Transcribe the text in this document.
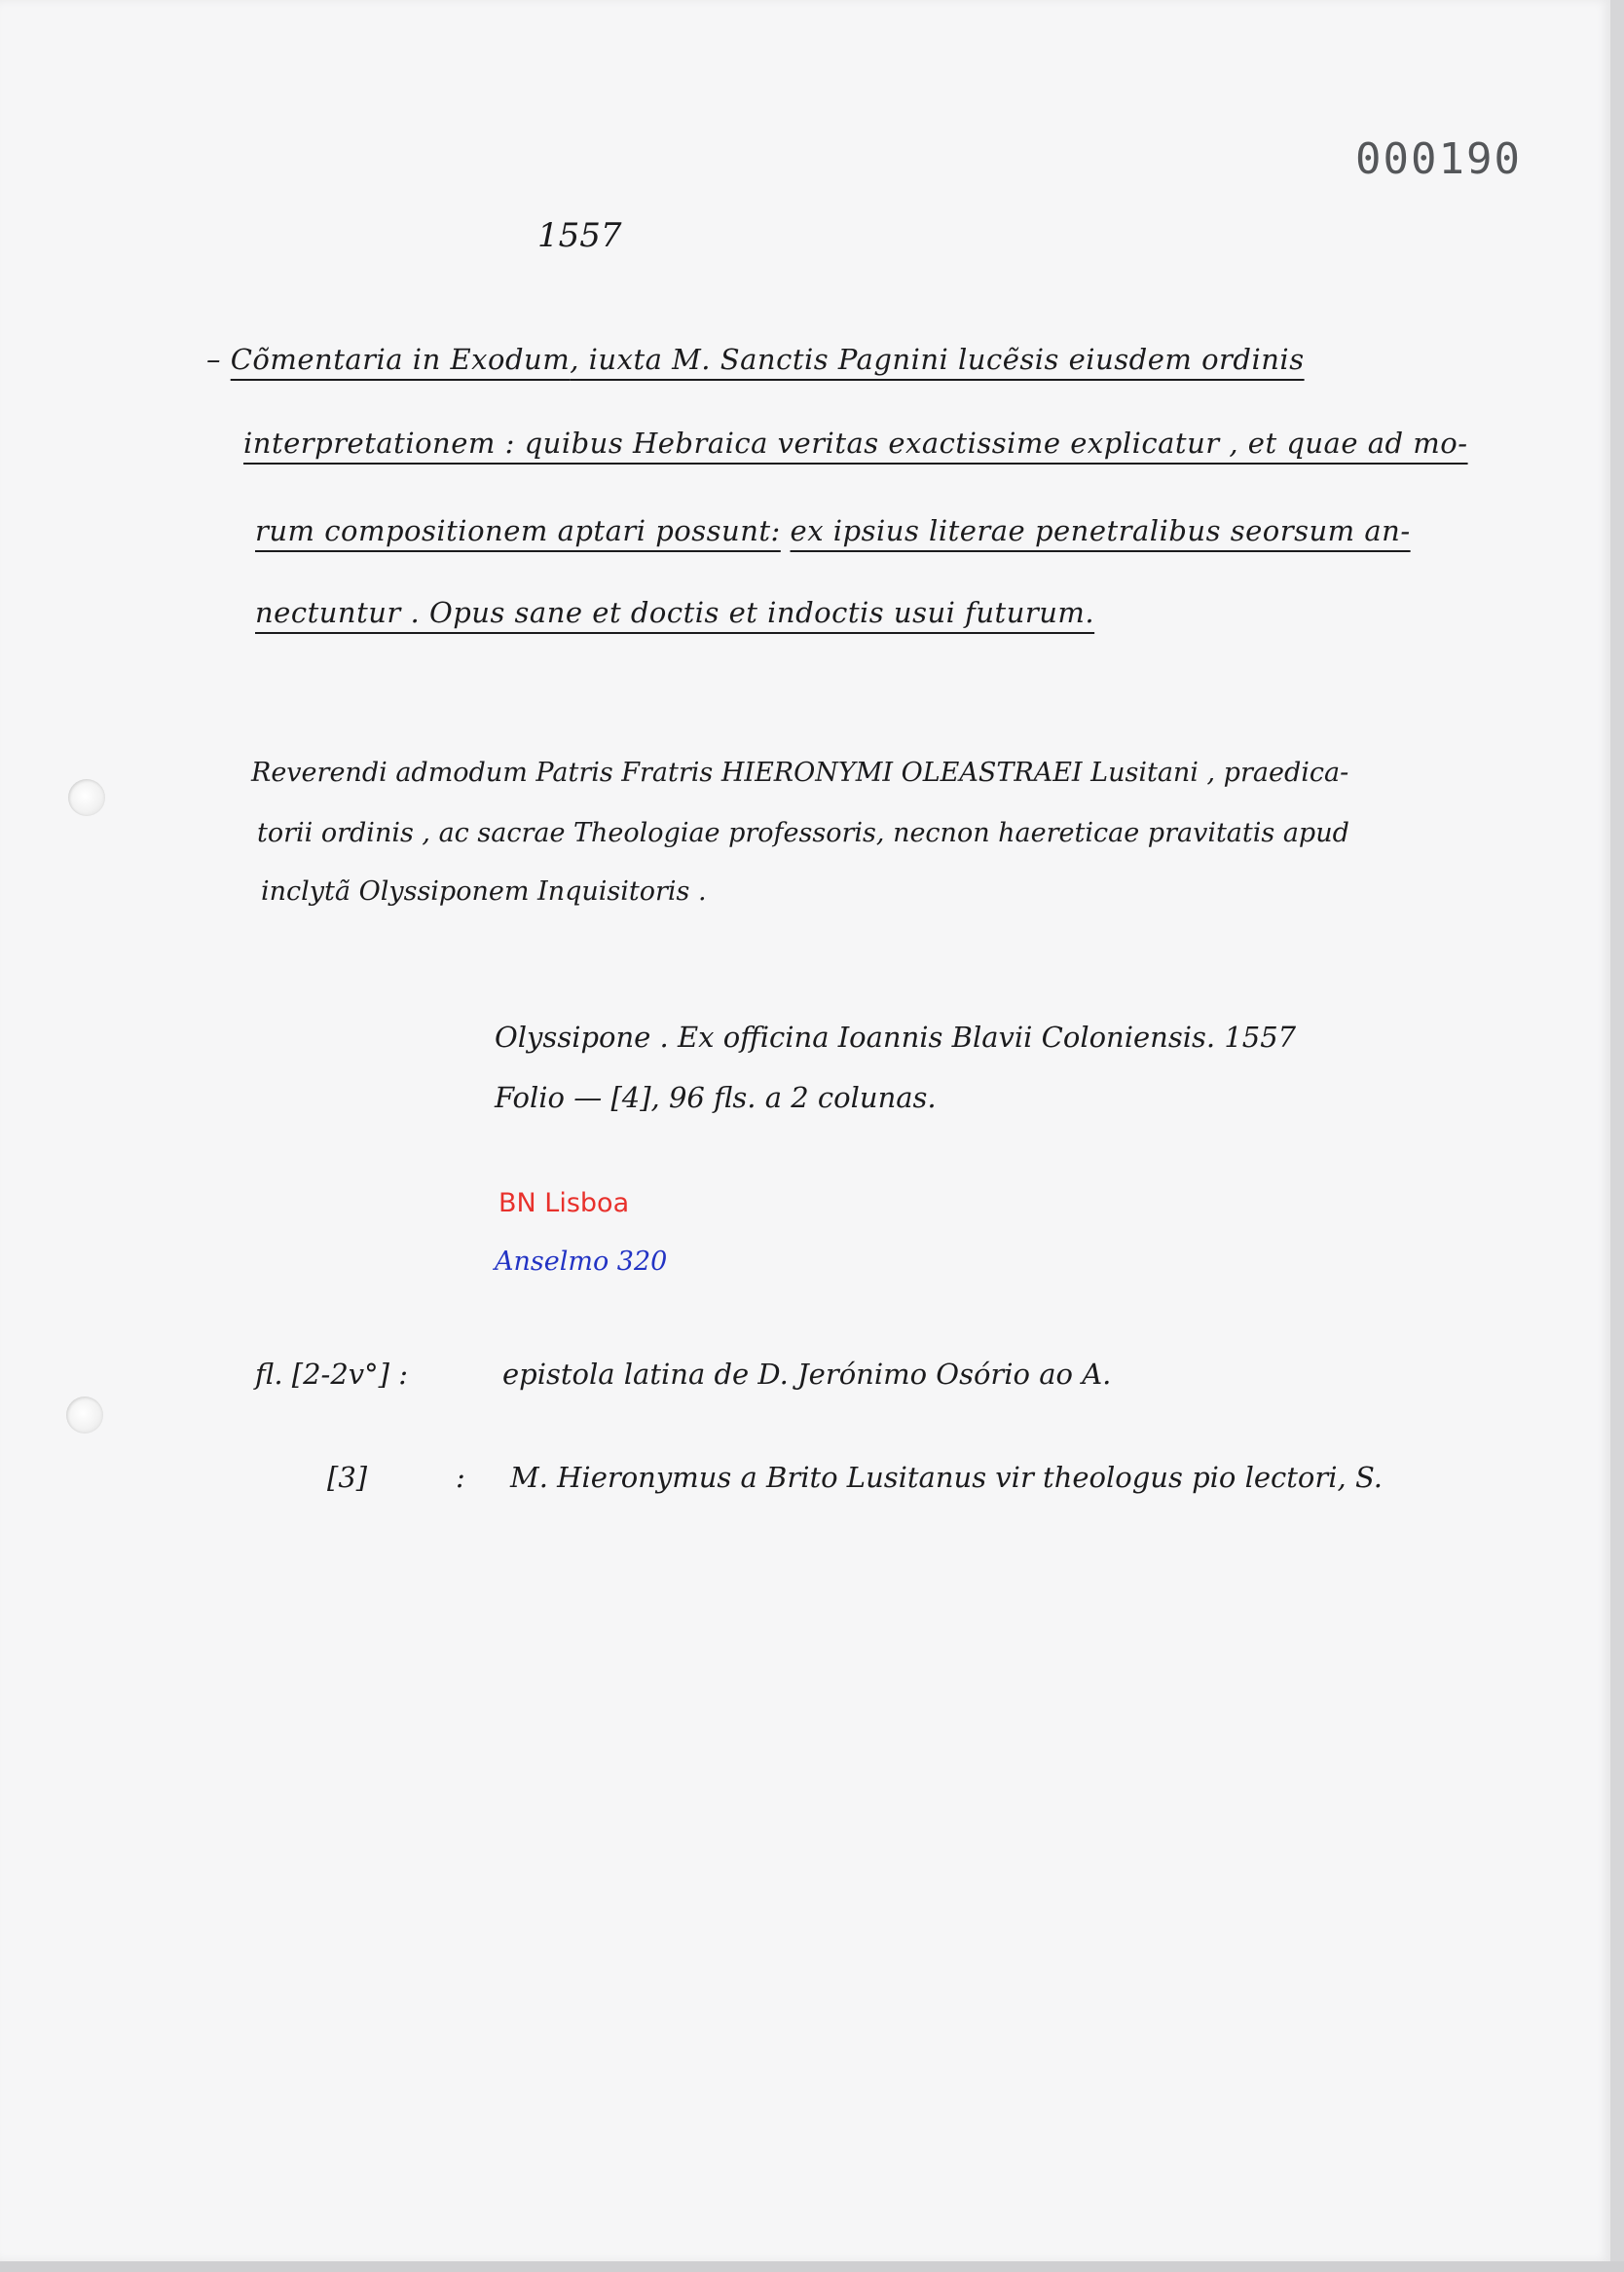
000190
1557
– Cõmentaria in Exodum, iuxta M. Sanctis Pagnini lucẽsis eiusdem ordinis
interpretationem : quibus Hebraica veritas exactissime explicatur , et quae ad mo-
rum compositionem aptari possunt: ex ipsius literae penetralibus seorsum an-
nectuntur . Opus sane et doctis et indoctis usui futurum.
Reverendi admodum Patris Fratris HIERONYMI OLEASTRAEI Lusitani , praedica-
torii ordinis , ac sacrae Theologiae professoris, necnon haereticae pravitatis apud
inclytã Olyssiponem Inquisitoris .
Olyssipone . Ex officina Ioannis Blavii Coloniensis. 1557
Folio — [4], 96 fls. a 2 colunas.
BN Lisboa
Anselmo 320
fl. [2-2v°] :	epistola latina de D. Jerónimo Osório ao A.
[3]	: M. Hieronymus a Brito Lusitanus vir theologus pio lectori, S.
